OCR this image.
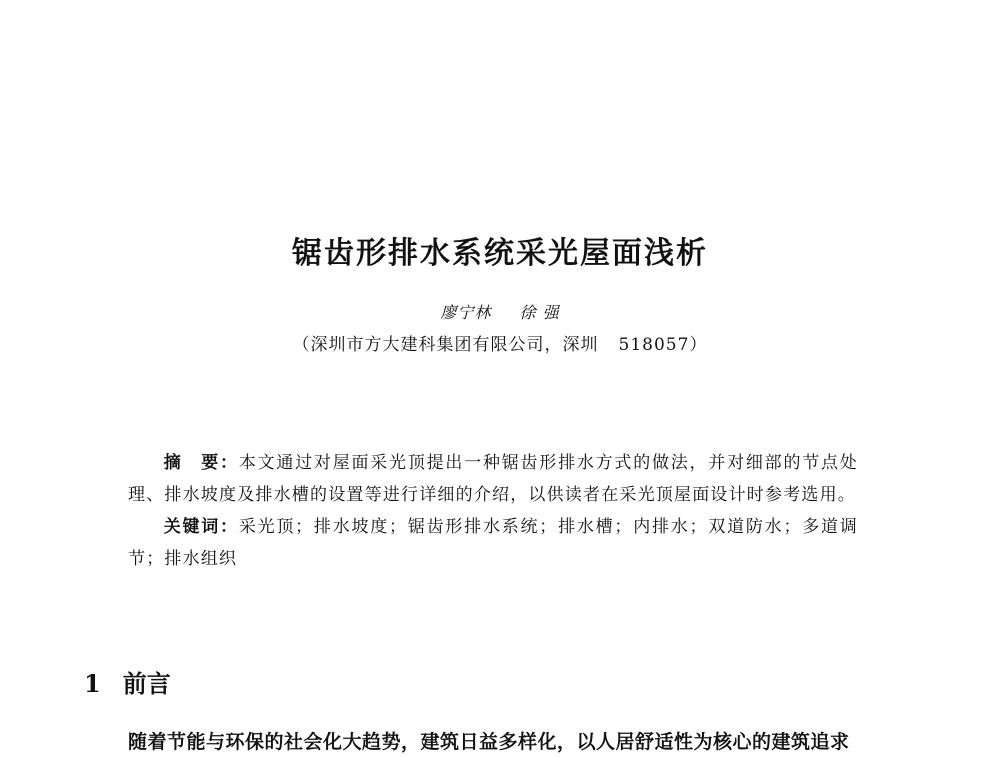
锯齿形排水系统采光屋面浅析
廖宁林 徐 强
（深圳市方大建科集团有限公司，深圳 518057）

摘　要：本文通过对屋面采光顶提出一种锯齿形排水方式的做法，并对细部的节点处理、排水坡度及排水槽的设置等进行详细的介绍，以供读者在采光顶屋面设计时参考选用。

关键词：采光顶；排水坡度；锯齿形排水系统；排水槽；内排水；双道防水；多道调节；排水组织

1 前言
随着节能与环保的社会化大趋势，建筑日益多样化，以人居舒适性为核心的建筑追求
